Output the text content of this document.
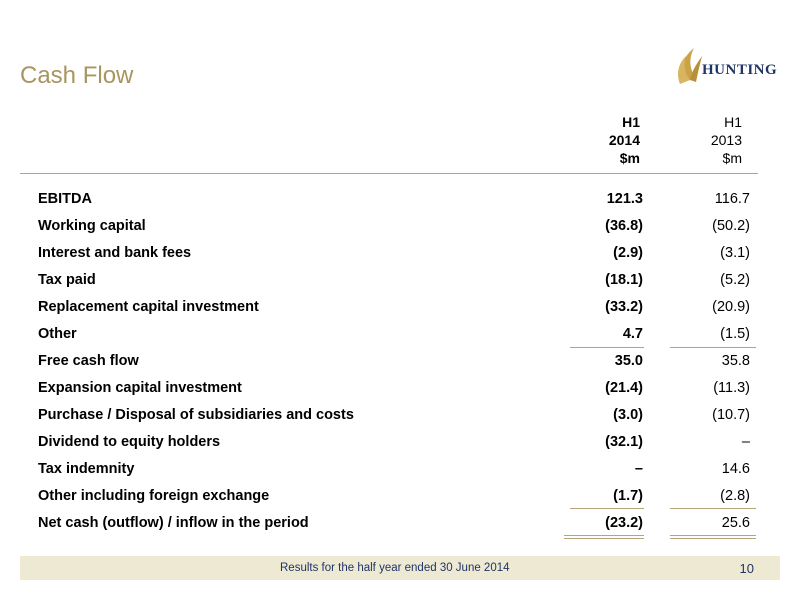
Cash Flow	HUNTING
H1
2014
$m
H1
2013
$m
EBITDA	121.3	116.7
Working capital	(36.8)	(50.2)
Interest and bank fees	(2.9)	(3.1)
Tax paid	(18.1)	(5.2)
Replacement capital investment	(33.2)	(20.9)
Other	4.7	(1.5)
Free cash flow	35.0	35.8
Expansion capital investment	(21.4)	(11.3)
Purchase / Disposal of subsidiaries and costs	(3.0)	(10.7)
Dividend to equity holders	(32.1)	–
Tax indemnity	–	14.6
Other including foreign exchange	(1.7)	(2.8)
Net cash (outflow) / inflow in the period	(23.2)	25.6
Results for the half year ended 30 June 2014	10
